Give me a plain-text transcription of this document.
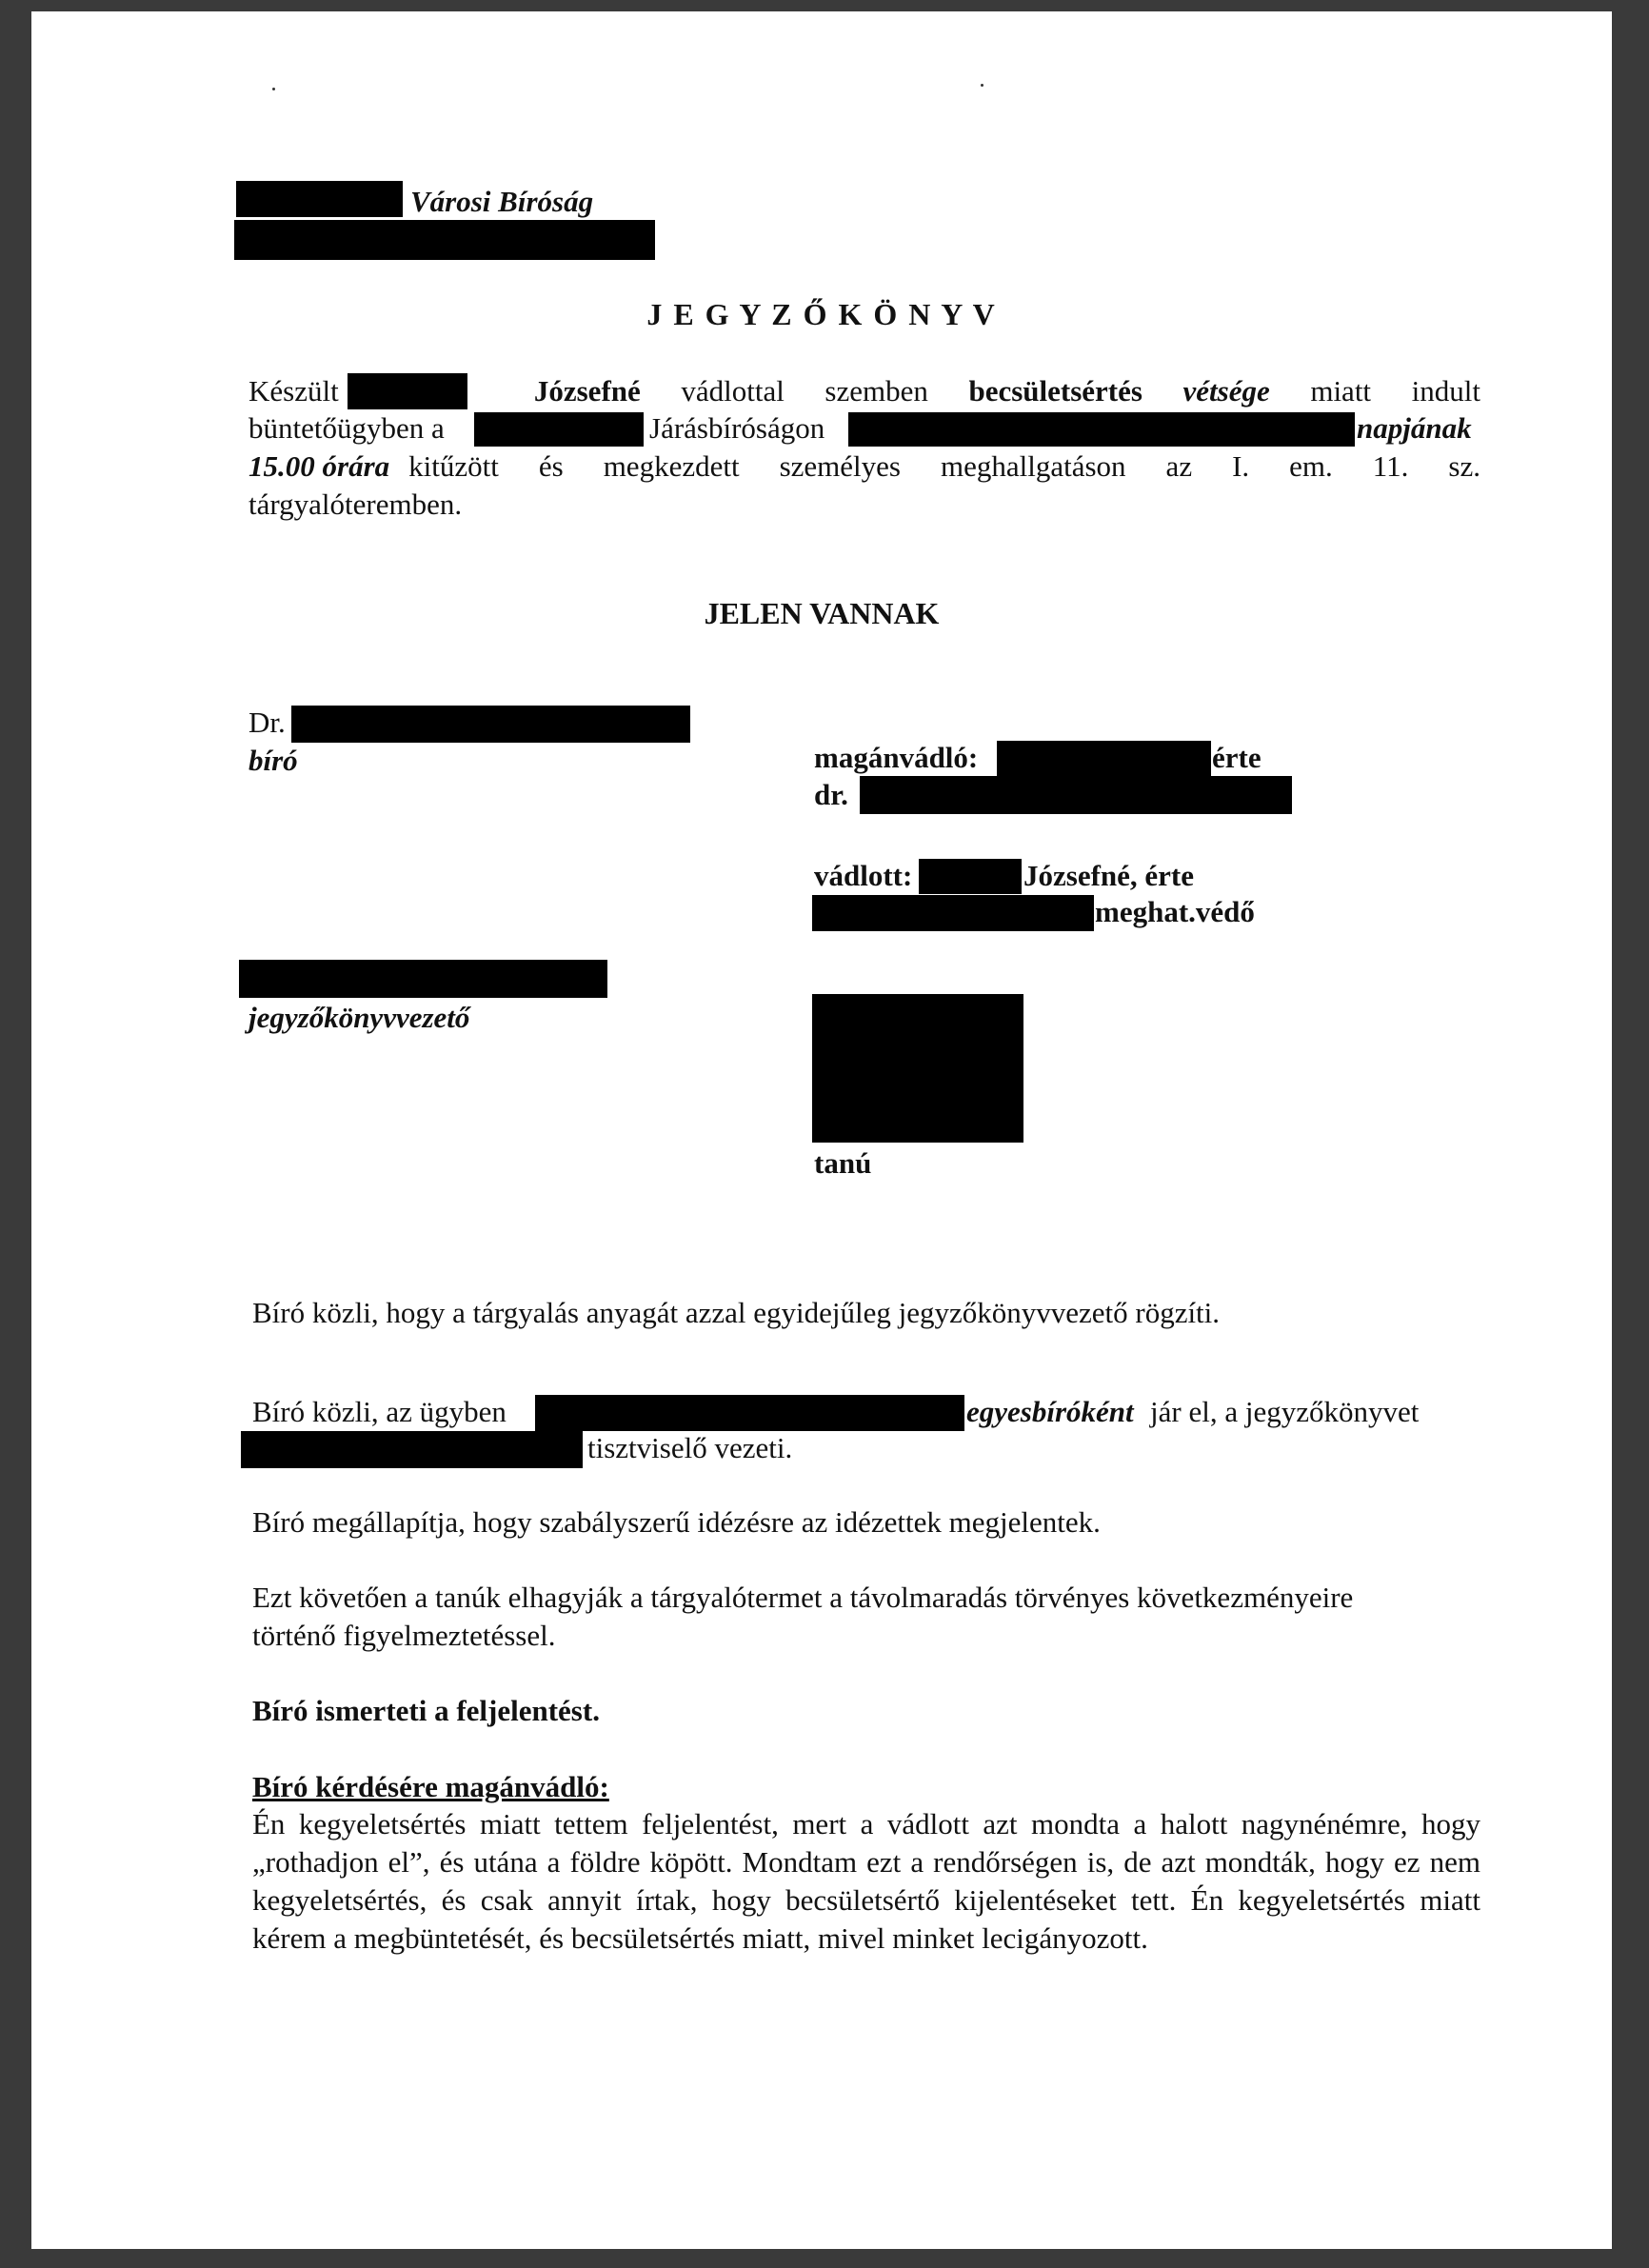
Városi Bíróság
J E G Y Z Ő K Ö N Y V
Készült	Józsefné vádlottal szemben becsületsértés vétsége miatt indult
büntetőügyben a	Járásbíróságon	napjának
15.00 órára kitűzött és megkezdett személyes meghallgatáson az I. em. 11. sz.
tárgyalóteremben.
JELEN VANNAK
Dr.
bíró	magánvádló:	érte
dr.
vádlott:	Józsefné, érte
meghat.védő
jegyzőkönyvvezető
tanú
Bíró közli, hogy a tárgyalás anyagát azzal egyidejűleg jegyzőkönyvvezető rögzíti.
Bíró közli, az ügyben	egyesbíróként jár el, a jegyzőkönyvet
tisztviselő vezeti.
Bíró megállapítja, hogy szabályszerű idézésre az idézettek megjelentek.
Ezt követően a tanúk elhagyják a tárgyalótermet a távolmaradás törvényes következményeire
történő figyelmeztetéssel.
Bíró ismerteti a feljelentést.
Bíró kérdésére magánvádló:
Én kegyeletsértés miatt tettem feljelentést, mert a vádlott azt mondta a halott nagynénémre, hogy „rothadjon el”, és utána a földre köpött. Mondtam ezt a rendőrségen is, de azt mondták, hogy ez nem kegyeletsértés, és csak annyit írtak, hogy becsületsértő kijelentéseket tett. Én kegyeletsértés miatt kérem a megbüntetését, és becsületsértés miatt, mivel minket lecigányozott.
